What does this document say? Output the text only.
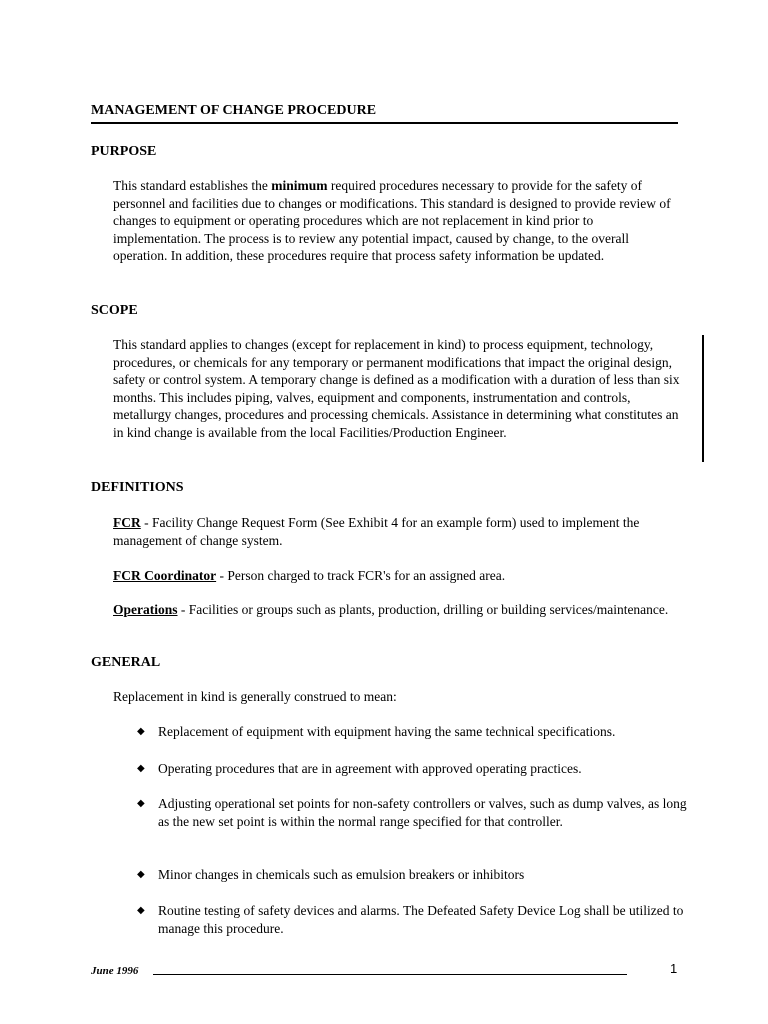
MANAGEMENT OF CHANGE PROCEDURE
PURPOSE

This standard establishes the minimum required procedures necessary to provide for the safety of personnel and facilities due to changes or modifications. This standard is designed to provide review of changes to equipment or operating procedures which are not replacement in kind prior to implementation. The process is to review any potential impact, caused by change, to the overall operation. In addition, these procedures require that process safety information be updated.

SCOPE

This standard applies to changes (except for replacement in kind) to process equipment, technology, procedures, or chemicals for any temporary or permanent modifications that impact the original design, safety or control system. A temporary change is defined as a modification with a duration of less than six months. This includes piping, valves, equipment and components, instrumentation and controls, metallurgy changes, procedures and processing chemicals. Assistance in determining what constitutes an in kind change is available from the local Facilities/Production Engineer.

DEFINITIONS

FCR - Facility Change Request Form (See Exhibit 4 for an example form) used to implement the management of change system.

FCR Coordinator - Person charged to track FCR's for an assigned area.

Operations - Facilities or groups such as plants, production, drilling or building services/maintenance.

GENERAL

Replacement in kind is generally construed to mean:

◆ Replacement of equipment with equipment having the same technical specifications.
◆ Operating procedures that are in agreement with approved operating practices.
◆ Adjusting operational set points for non-safety controllers or valves, such as dump valves, as long as the new set point is within the normal range specified for that controller.
◆ Minor changes in chemicals such as emulsion breakers or inhibitors
◆ Routine testing of safety devices and alarms. The Defeated Safety Device Log shall be utilized to manage this procedure.
June 1996	1
